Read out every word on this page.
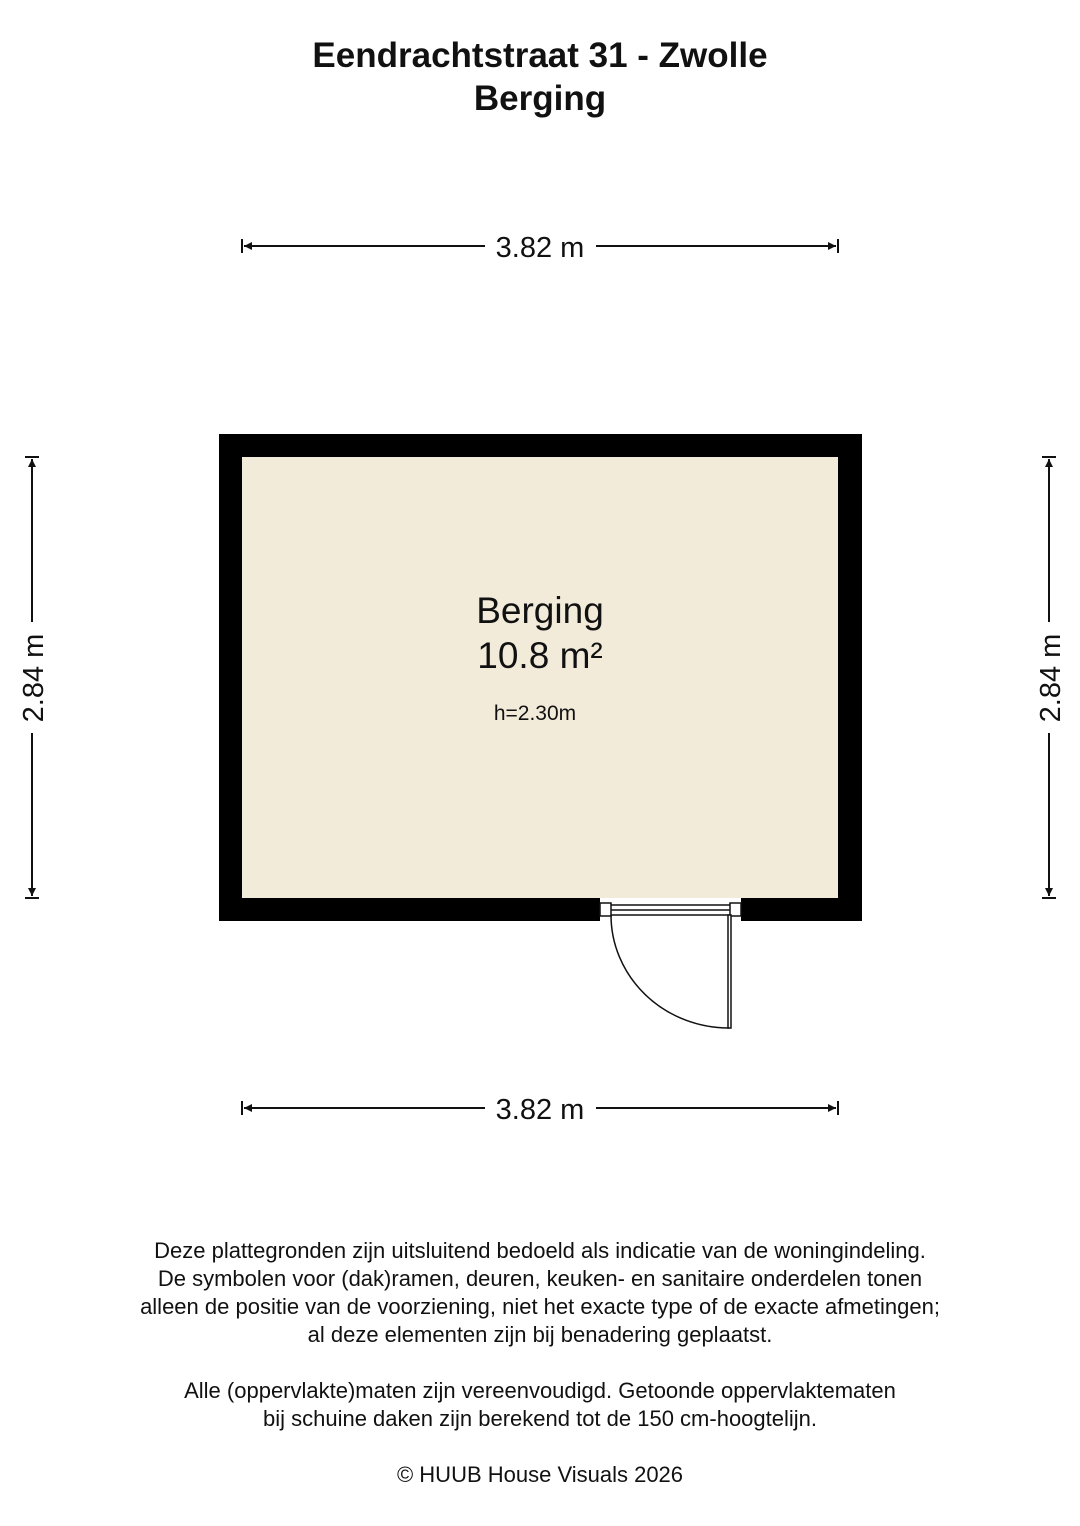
Eendrachtstraat 31 - Zwolle
Berging
3.82 m
3.82 m
2.84 m	2.84 m
Berging
10.8 m²
h=2.30m
Deze plattegronden zijn uitsluitend bedoeld als indicatie van de woningindeling.
De symbolen voor (dak)ramen, deuren, keuken- en sanitaire onderdelen tonen
alleen de positie van de voorziening, niet het exacte type of de exacte afmetingen;
al deze elementen zijn bij benadering geplaatst.
Alle (oppervlakte)maten zijn vereenvoudigd. Getoonde oppervlaktematen
bij schuine daken zijn berekend tot de 150 cm-hoogtelijn.
© HUUB House Visuals 2026
